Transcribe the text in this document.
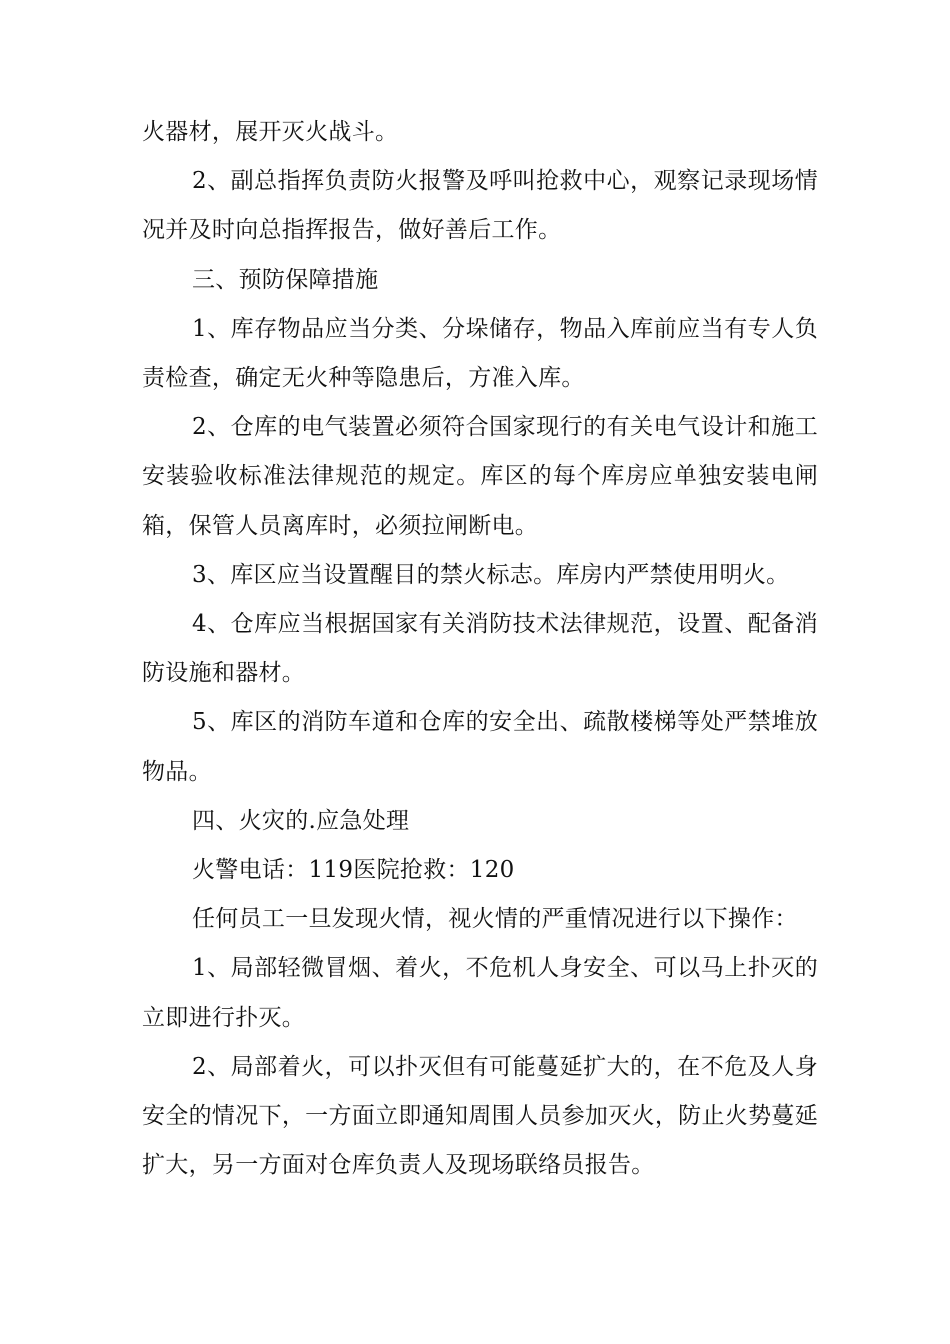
火器材，展开灭火战斗。

2、副总指挥负责防火报警及呼叫抢救中心，观察记录现场情况并及时向总指挥报告，做好善后工作。

三、预防保障措施

1、库存物品应当分类、分垛储存，物品入库前应当有专人负责检查，确定无火种等隐患后，方准入库。

2、仓库的电气装置必须符合国家现行的有关电气设计和施工安装验收标准法律规范的规定。库区的每个库房应单独安装电闸箱，保管人员离库时，必须拉闸断电。

3、库区应当设置醒目的禁火标志。库房内严禁使用明火。

4、仓库应当根据国家有关消防技术法律规范，设置、配备消防设施和器材。

5、库区的消防车道和仓库的安全出、疏散楼梯等处严禁堆放物品。

四、火灾的.应急处理

火警电话：119医院抢救：120

任何员工一旦发现火情，视火情的严重情况进行以下操作：

1、局部轻微冒烟、着火，不危机人身安全、可以马上扑灭的立即进行扑灭。

2、局部着火，可以扑灭但有可能蔓延扩大的，在不危及人身安全的情况下，一方面立即通知周围人员参加灭火，防止火势蔓延扩大，另一方面对仓库负责人及现场联络员报告。
